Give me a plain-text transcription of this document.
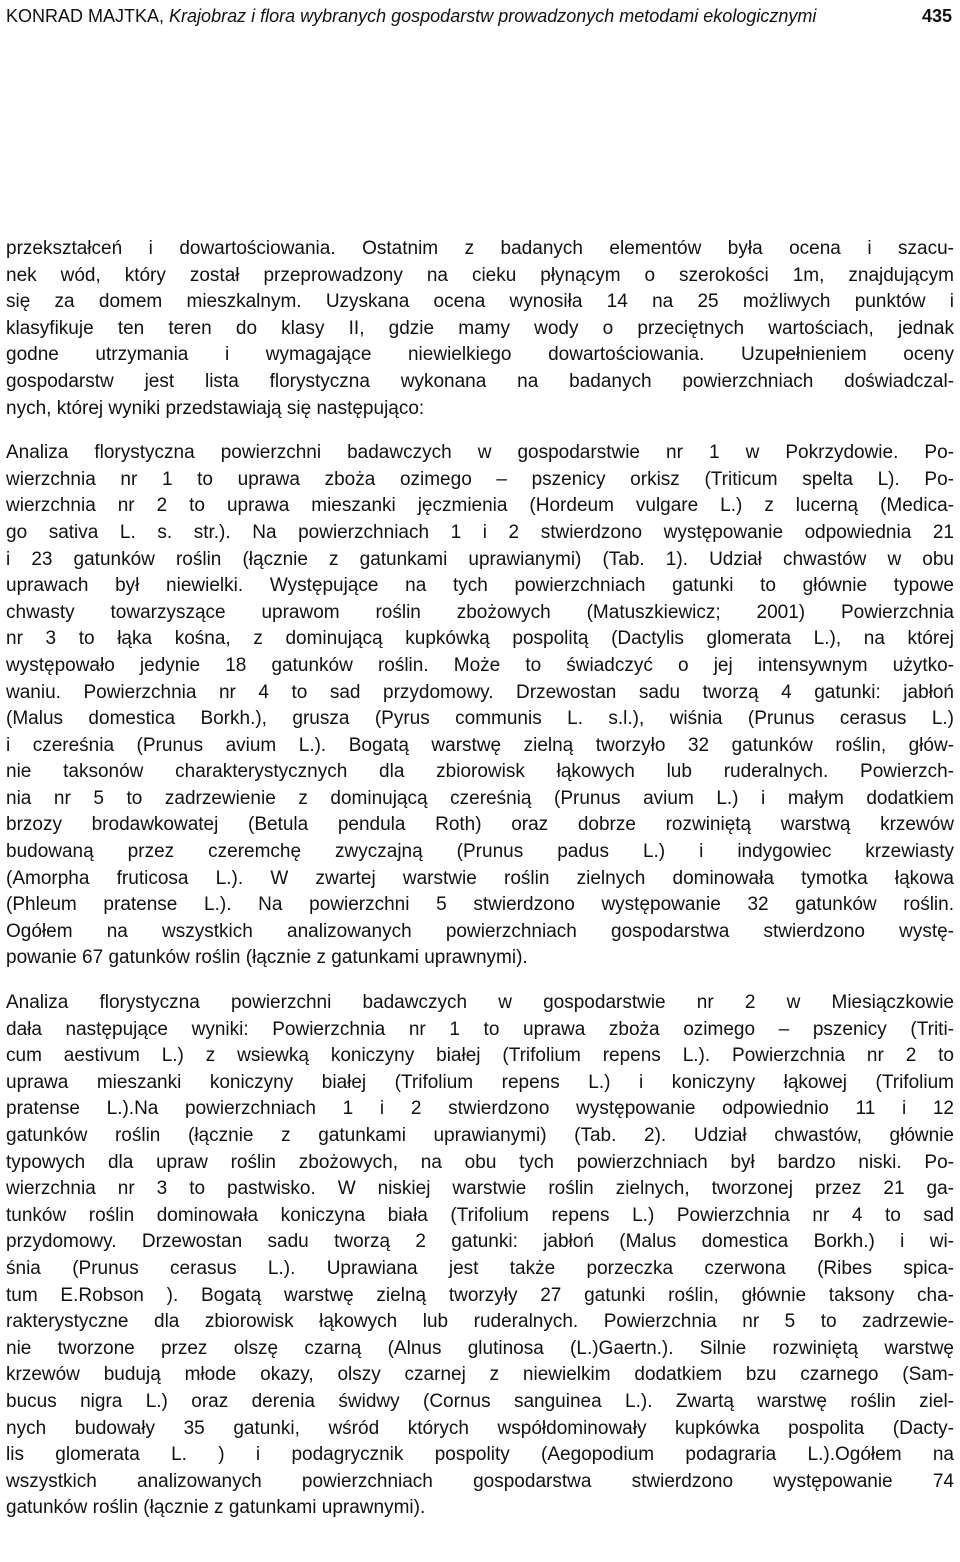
KONRAD MAJTKA, Krajobraz i flora wybranych gospodarstw prowadzonych metodami ekologicznymi	435
przekształceń i dowartościowania. Ostatnim z badanych elementów była ocena i szacu-
nek wód, który został przeprowadzony na cieku płynącym o szerokości 1m, znajdującym
się za domem mieszkalnym. Uzyskana ocena wynosiła 14 na 25 możliwych punktów i
klasyfikuje ten teren do klasy II, gdzie mamy wody o przeciętnych wartościach, jednak
godne utrzymania i wymagające niewielkiego dowartościowania. Uzupełnieniem oceny
gospodarstw jest lista florystyczna wykonana na badanych powierzchniach doświadczal-
nych, której wyniki przedstawiają się następująco:
Analiza florystyczna powierzchni badawczych w gospodarstwie nr 1 w Pokrzydowie. Po-
wierzchnia nr 1 to uprawa zboża ozimego – pszenicy orkisz (Triticum spelta L). Po-
wierzchnia nr 2 to uprawa mieszanki jęczmienia (Hordeum vulgare L.) z lucerną (Medica-
go sativa L. s. str.). Na powierzchniach 1 i 2 stwierdzono występowanie odpowiednia 21
i 23 gatunków roślin (łącznie z gatunkami uprawianymi) (Tab. 1). Udział chwastów w obu
uprawach był niewielki. Występujące na tych powierzchniach gatunki to głównie typowe
chwasty towarzyszące uprawom roślin zbożowych (Matuszkiewicz; 2001) Powierzchnia
nr 3 to łąka kośna, z dominującą kupkówką pospolitą (Dactylis glomerata L.), na której
występowało jedynie 18 gatunków roślin. Może to świadczyć o jej intensywnym użytko-
waniu. Powierzchnia nr 4 to sad przydomowy. Drzewostan sadu tworzą 4 gatunki: jabłoń
(Malus domestica Borkh.), grusza (Pyrus communis L. s.l.), wiśnia (Prunus cerasus L.)
i czereśnia (Prunus avium L.). Bogatą warstwę zielną tworzyło 32 gatunków roślin, głów-
nie taksonów charakterystycznych dla zbiorowisk łąkowych lub ruderalnych. Powierzch-
nia nr 5 to zadrzewienie z dominującą czereśnią (Prunus avium L.) i małym dodatkiem
brzozy brodawkowatej (Betula pendula Roth) oraz dobrze rozwiniętą warstwą krzewów
budowaną przez czeremchę zwyczajną (Prunus padus L.) i indygowiec krzewiasty
(Amorpha fruticosa L.). W zwartej warstwie roślin zielnych dominowała tymotka łąkowa
(Phleum pratense L.). Na powierzchni 5 stwierdzono występowanie 32 gatunków roślin.
Ogółem na wszystkich analizowanych powierzchniach gospodarstwa stwierdzono wystę-
powanie 67 gatunków roślin (łącznie z gatunkami uprawnymi).
Analiza florystyczna powierzchni badawczych w gospodarstwie nr 2 w Miesiączkowie
dała następujące wyniki: Powierzchnia nr 1 to uprawa zboża ozimego – pszenicy (Triti-
cum aestivum L.) z wsiewką koniczyny białej (Trifolium repens L.). Powierzchnia nr 2 to
uprawa mieszanki koniczyny białej (Trifolium repens L.) i koniczyny łąkowej (Trifolium
pratense L.).Na powierzchniach 1 i 2 stwierdzono występowanie odpowiednio 11 i 12
gatunków roślin (łącznie z gatunkami uprawianymi) (Tab. 2). Udział chwastów, głównie
typowych dla upraw roślin zbożowych, na obu tych powierzchniach był bardzo niski. Po-
wierzchnia nr 3 to pastwisko. W niskiej warstwie roślin zielnych, tworzonej przez 21 ga-
tunków roślin dominowała koniczyna biała (Trifolium repens L.) Powierzchnia nr 4 to sad
przydomowy. Drzewostan sadu tworzą 2 gatunki: jabłoń (Malus domestica Borkh.) i wi-
śnia (Prunus cerasus L.). Uprawiana jest także porzeczka czerwona (Ribes spica-
tum E.Robson ). Bogatą warstwę zielną tworzyły 27 gatunki roślin, głównie taksony cha-
rakterystyczne dla zbiorowisk łąkowych lub ruderalnych. Powierzchnia nr 5 to zadrzewie-
nie tworzone przez olszę czarną (Alnus glutinosa (L.)Gaertn.). Silnie rozwiniętą warstwę
krzewów budują młode okazy, olszy czarnej z niewielkim dodatkiem bzu czarnego (Sam-
bucus nigra L.) oraz derenia świdwy (Cornus sanguinea L.). Zwartą warstwę roślin ziel-
nych budowały 35 gatunki, wśród których współdominowały kupkówka pospolita (Dacty-
lis glomerata L. ) i podagrycznik pospolity (Aegopodium podagraria L.).Ogółem na
wszystkich analizowanych powierzchniach gospodarstwa stwierdzono występowanie 74
gatunków roślin (łącznie z gatunkami uprawnymi).
